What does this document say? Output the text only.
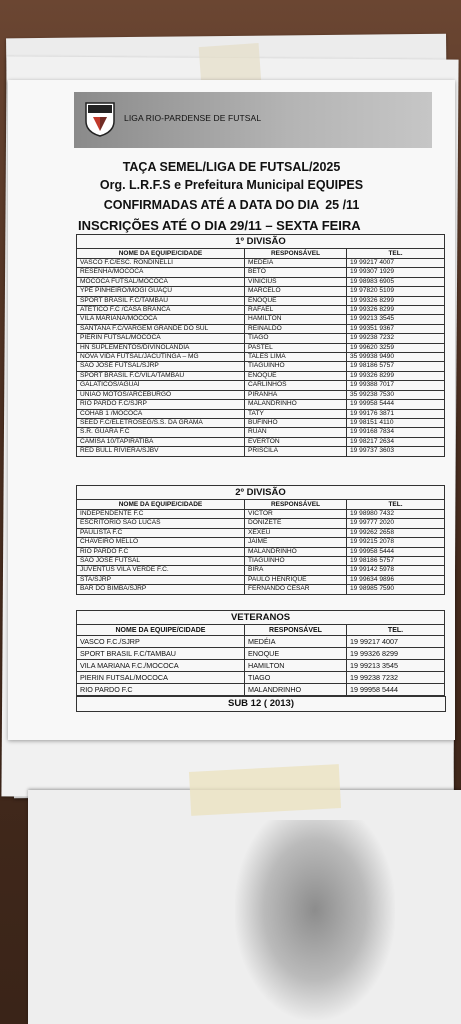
LIGA RIO-PARDENSE DE FUTSAL
TAÇA SEMEL/LIGA DE FUTSAL/2025
Org. L.R.F.S e Prefeitura Municipal EQUIPES
CONFIRMADAS ATÉ A DATA DO DIA 25 /11
INSCRIÇÕES ATÉ O DIA 29/11 – SEXTA FEIRA
1º DIVISÃO		
NOME DA EQUIPE/CIDADE	RESPONSÁVEL	TEL.
VASCO F.C/ESC. RONDINELLI	MEDÉIA	19 99217 4007
RESENHA/MOCOCA	BETO	19 99307 1929
MOCOCA FUTSAL/MOCOCA	VINICIUS	19 98983 6905
YPÊ PINHEIRO/MOGI GUAÇU	MARCELO	19 97820 5109
SPORT BRASIL F.C/TAMBAU	ENOQUE	19 99326 8299
ATÉTICO F.C /CASA BRANCA	RAFAEL	19 99326 8299
VILA MARIANA/MOCOCA	HAMILTON	19 99213 3545
SANTANA F.C/VARGEM GRANDE DO SUL	REINALDO	19 99351 9367
PIERIN FUTSAL/MOCOCA	TIAGO	19 99238 7232
HN SUPLEMENTOS/DIVINOLANDIA	PASTEL	19 99620 3259
NOVA VIDA FUTSAL/JACUTINGA – MG	TALES LIMA	35 99938 9490
SÃO JOSÉ FUTSAL/SJRP	TIAGUINHO	19 98186 5757
SPORT BRASIL F.C/VILA/TAMBAU	ENOQUE	19 99326 8299
GALATICOS/AGUAÍ	CARLINHOS	19 99388 7017
UNIÃO MOTOS/ARCEBURGO	PIRANHA	35 99238 7530
RIO PARDO F.C/SJRP	MALANDRINHO	19 99958 5444
COHAB 1 /MOCOCA	TATY	19 99176 3871
SEED F.C/ELETROSEG/S.S. DA GRAMA	BUFINHO	19 98151 4110
S.R. GUARA F.C	RUAN	19 99168 7834
CAMISA 10/TAPIRATIBA	EVERTON	19 98217 2634
RED BULL RIVIERA/SJBV	PRISCILA	19 99737 3603
2º DIVISÃO		
NOME DA EQUIPE/CIDADE	RESPONSÁVEL	TEL.
INDEPENDENTE F.C	VICTOR	19 98980 7432
ESCRITORIO SÃO LUCAS	DONIZETE	19 99777 2020
PAULISTA F.C	XEXEU	19 99262 2658
CHAVEIRO MELLO	JAIME	19 99215 2078
RIO PARDO F.C	MALANDRINHO	19 99958 5444
SÃO JOSÉ FUTSAL	TIAGUINHO	19 98186 5757
JUVENTUS VILA VERDE F.C.	BIRA	19 99142 5978
STA/SJRP	PAULO HENRIQUE	19 99634 9896
BAR DO BIMBA/SJRP	FERNANDO CESAR	19 98985 7590
VETERANOS		
NOME DA EQUIPE/CIDADE	RESPONSÁVEL	TEL.
VASCO F.C./SJRP	MEDÉIA	19 99217 4007
SPORT BRASIL F.C/TAMBAU	ENOQUE	19 99326 8299
VILA MARIANA F.C./MOCOCA	HAMILTON	19 99213 3545
PIERIN FUTSAL/MOCOCA	TIAGO	19 99238 7232
RIO PARDO F.C	MALANDRINHO	19 99958 5444
SUB 12 ( 2013)
